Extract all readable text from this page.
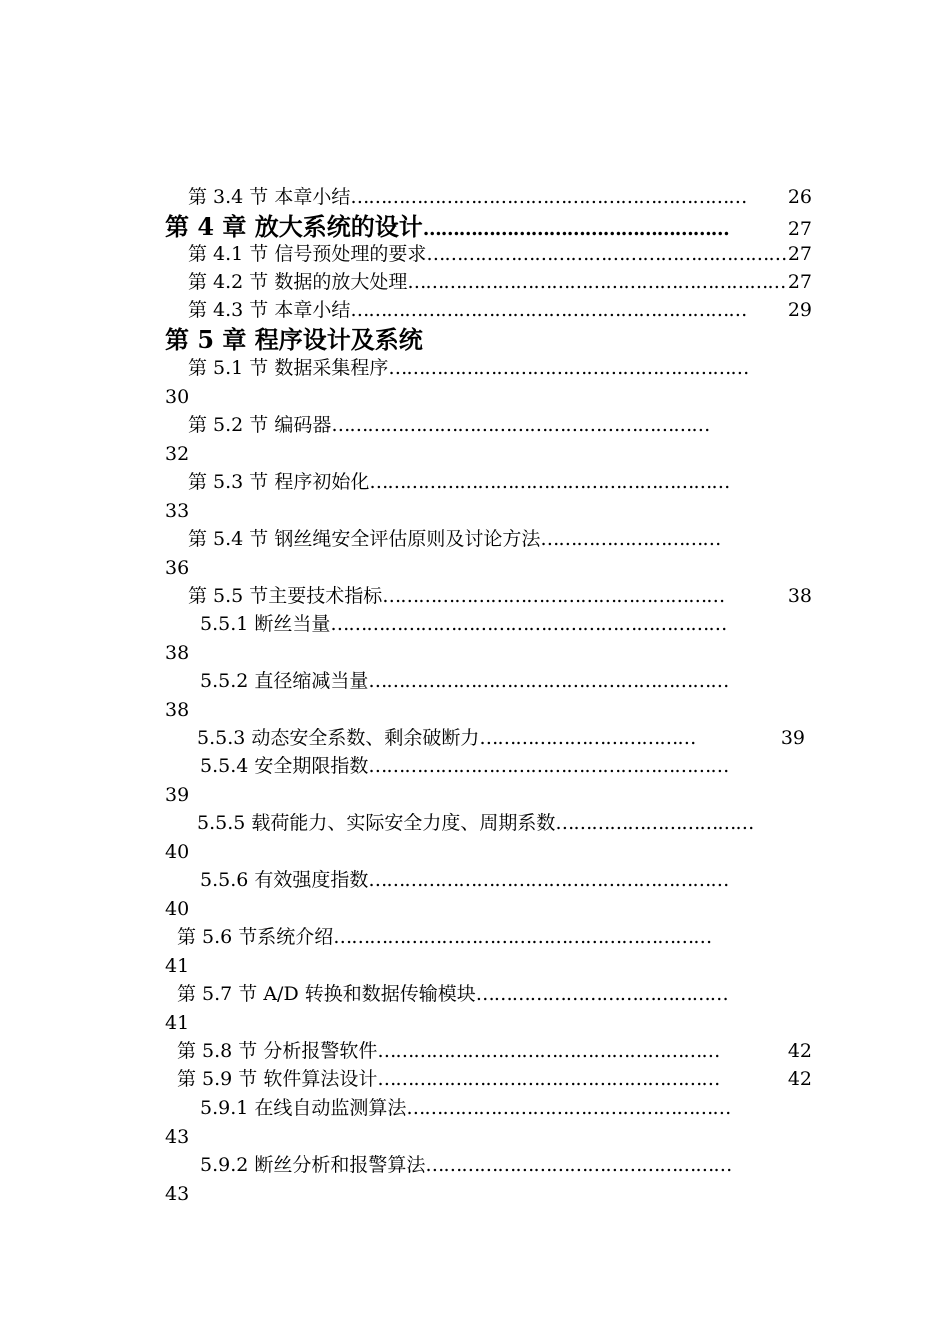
第 3.4 节 本章小结 …………………………………………………………	26
第 4 章 放大系统的设计 ……………………………………………	27
第 4.1 节 信号预处理的要求 …………………………………………………… 27
第 4.2 节 数据的放大处理 ……………………………………………………… 27
第 4.3 节 本章小结 …………………………………………………………	29
第 5 章 程序设计及系统
第 5.1 节 数据采集程序 ……………………………………………………
30
第 5.2 节 编码器 ………………………………………………………
32
第 5.3 节 程序初始化 ……………………………………………………
33
第 5.4 节 钢丝绳安全评估原则及讨论方法 …………………………
36
第 5.5 节主要技术指标 …………………………………………………	38
5.5.1 断丝当量 …………………………………………………………
38
5.5.2 直径缩减当量 ……………………………………………………
38
5.5.3 动态安全系数、剩余破断力 ………………………………	39
5.5.4 安全期限指数 ……………………………………………………
39
5.5.5 载荷能力、实际安全力度、周期系数 ……………………………
40
5.5.6 有效强度指数 ……………………………………………………
40
第 5.6 节系统介绍 ………………………………………………………
41
第 5.7 节 A/D 转换和数据传输模块 ……………………………………
41
第 5.8 节 分析报警软件 …………………………………………………	42
第 5.9 节 软件算法设计 …………………………………………………	42
5.9.1 在线自动监测算法 ………………………………………………
43
5.9.2 断丝分析和报警算法 ……………………………………………
43
